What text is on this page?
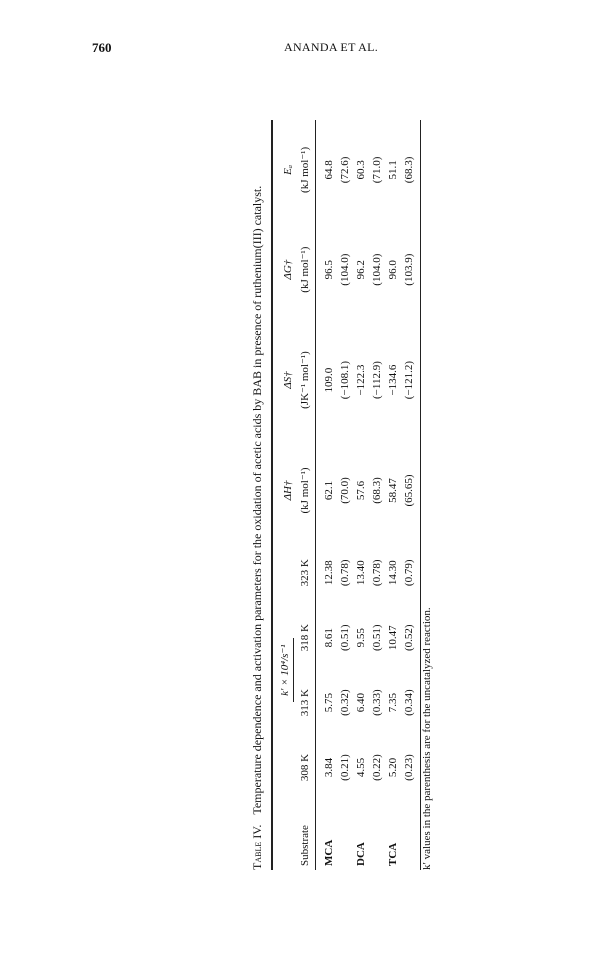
760	ANANDA ET AL.
Table IV.Temperature dependence and activation parameters for the oxidation of acetic acids by BAB in presence of ruthenium(III) catalyst.
	k′ × 10⁴/s⁻¹				ΔH†	ΔS†	ΔG†	Eₐ
Substrate	308 K	313 K	318 K	323 K	(kJ mol⁻¹)	(JK⁻¹ mol⁻¹)	(kJ mol⁻¹)	(kJ mol⁻¹)
MCA	3.84	5.75	8.61	12.38	62.1	109.0	96.5	64.8
	(0.21)	(0.32)	(0.51)	(0.78)	(70.0)	(−108.1)	(104.0)	(72.6)
DCA	4.55	6.40	9.55	13.40	57.6	−122.3	96.2	60.3
	(0.22)	(0.33)	(0.51)	(0.78)	(68.3)	(−112.9)	(104.0)	(71.0)
TCA	5.20	7.35	10.47	14.30	58.47	−134.6	96.0	51.1
	(0.23)	(0.34)	(0.52)	(0.79)	(65.65)	(−121.2)	(103.9)	(68.3)
k′ values in the parenthesis are for the uncatalyzed reaction.
